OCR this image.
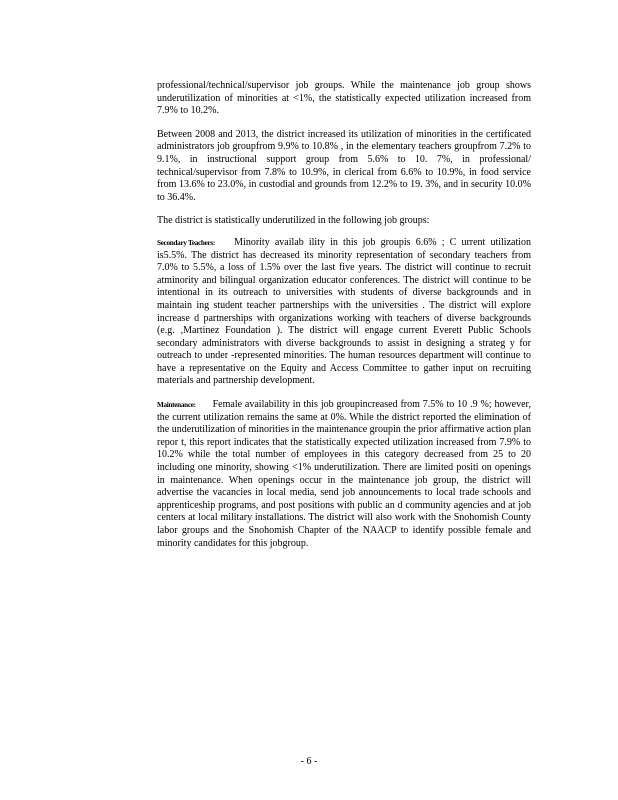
professional/technical/supervisor job groups. While the maintenance job group shows underutilization of minorities at <1%, the statistically expected utilization increased from 7.9% to 10.2%.

Between 2008 and 2013, the district increased its utilization of minorities in the certificated administrators job groupfrom 9.9% to 10.8% , in the elementary teachers groupfrom 7.2% to 9.1%, in instructional support group from 5.6% to 10. 7%, in professional/ technical/supervisor from 7.8% to 10.9%, in clerical from 6.6% to 10.9%, in food service from 13.6% to 23.0%, in custodial and grounds from 12.2% to 19. 3%, and in security 10.0% to 36.4%.

The district is statistically underutilized in the following job groups:

Secondary Teachers: Minority availab ility in this job groupis 6.6% ; C urrent utilization is5.5%. The district has decreased its minority representation of secondary teachers from 7.0% to 5.5%, a loss of 1.5% over the last five years. The district will continue to recruit atminority and bilingual organization educator conferences. The district will continue to be intentional in its outreach to universities with students of diverse backgrounds and in maintain ing student teacher partnerships with the universities . The district will explore increase d partnerships with organizations working with teachers of diverse backgrounds (e.g. ,Martinez Foundation ). The district will engage current Everett Public Schools secondary administrators with diverse backgrounds to assist in designing a strateg y for outreach to under -represented minorities. The human resources department will continue to have a representative on the Equity and Access Committee to gather input on recruiting materials and partnership development.

Maintenance: Female availability in this job groupincreased from 7.5% to 10 .9 %; however, the current utilization remains the same at 0%. While the district reported the elimination of the underutilization of minorities in the maintenance groupin the prior affirmative action plan repor t, this report indicates that the statistically expected utilization increased from 7.9% to 10.2% while the total number of employees in this category decreased from 25 to 20 including one minority, showing <1% underutilization. There are limited positi on openings in maintenance. When openings occur in the maintenance job group, the district will advertise the vacancies in local media, send job announcements to local trade schools and apprenticeship programs, and post positions with public an d community agencies and at job centers at local military installations. The district will also work with the Snohomish County labor groups and the Snohomish Chapter of the NAACP to identify possible female and minority candidates for this jobgroup.

- 6 -
